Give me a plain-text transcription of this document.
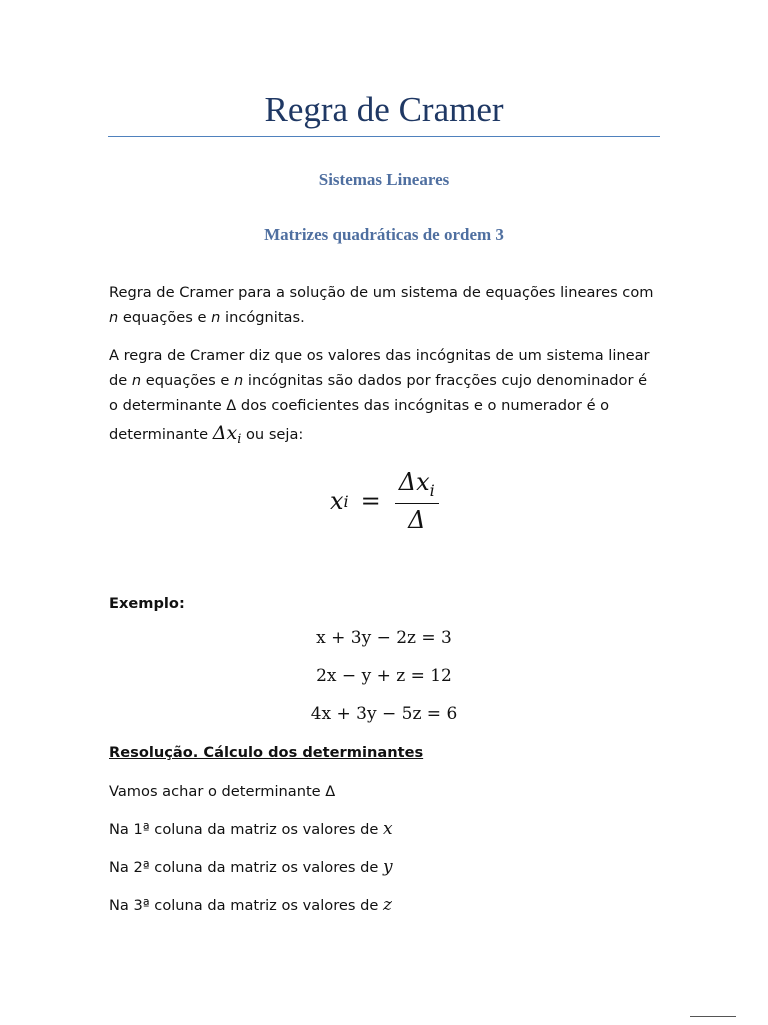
Regra de Cramer
Sistemas Lineares
Matrizes quadráticas de ordem 3
Regra de Cramer para a solução de um sistema de equações lineares com
n equações e n incógnitas.
A regra de Cramer diz que os valores das incógnitas de um sistema linear
de n equações e n incógnitas são dados por fracções cujo denominador é
o determinante Δ dos coeficientes das incógnitas e o numerador é o
determinante $\Delta x_i$ ou seja:
x $i = \frac{\Delta x_i}{\Delta}$
Exemplo:
x + 3y − 2z = 3
2x − y + z = 12
4x + 3y − 5z = 6
Resolução. Cálculo dos determinantes
Vamos achar o determinante Δ
Na 1ª coluna da matriz os valores de x
Na 2ª coluna da matriz os valores de y
Na 3ª coluna da matriz os valores de z
